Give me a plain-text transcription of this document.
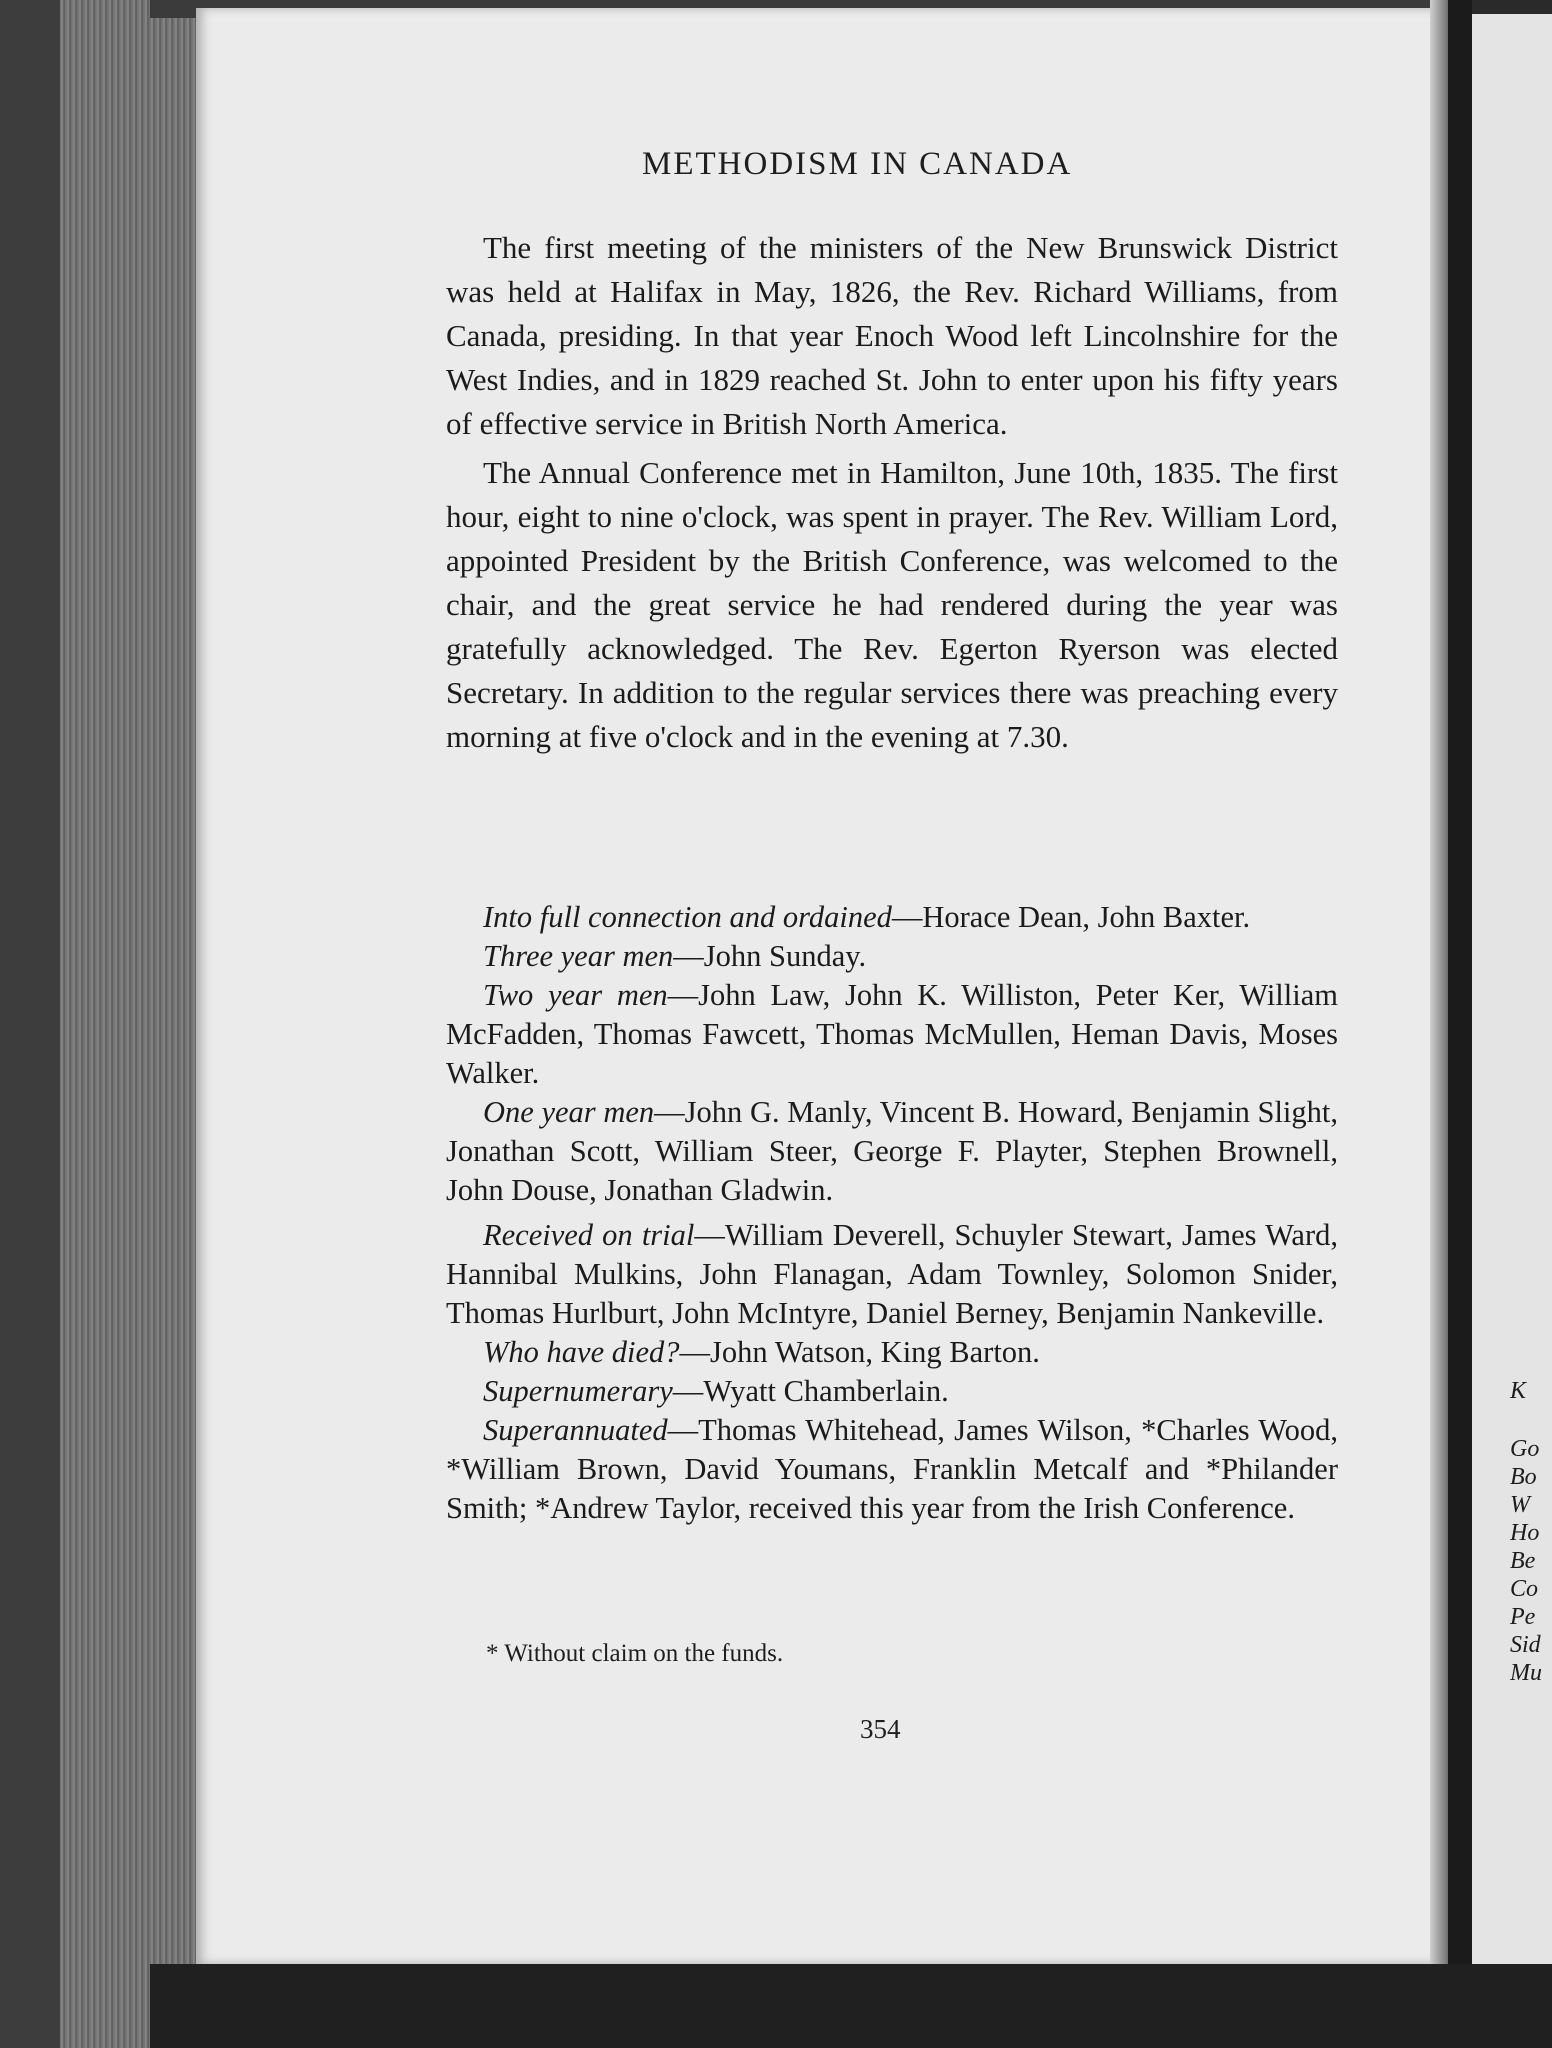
METHODISM IN CANADA

The first meeting of the ministers of the New Brunswick District was held at Halifax in May, 1826, the Rev. Richard Williams, from Canada, presiding. In that year Enoch Wood left Lincolnshire for the West Indies, and in 1829 reached St. John to enter upon his fifty years of effective service in British North America.

The Annual Conference met in Hamilton, June 10th, 1835. The first hour, eight to nine o'clock, was spent in prayer. The Rev. William Lord, appointed President by the British Conference, was welcomed to the chair, and the great service he had rendered during the year was gratefully acknowledged. The Rev. Egerton Ryerson was elected Secretary. In addition to the regular services there was preaching every morning at five o'clock and in the evening at 7.30.

Into full connection and ordained—Horace Dean, John Baxter.

Three year men—John Sunday.

Two year men—John Law, John K. Williston, Peter Ker, William McFadden, Thomas Fawcett, Thomas McMullen, Heman Davis, Moses Walker.

One year men—John G. Manly, Vincent B. Howard, Benjamin Slight, Jonathan Scott, William Steer, George F. Playter, Stephen Brownell, John Douse, Jonathan Gladwin.

Received on trial—William Deverell, Schuyler Stewart, James Ward, Hannibal Mulkins, John Flanagan, Adam Townley, Solomon Snider, Thomas Hurlburt, John McIntyre, Daniel Berney, Benjamin Nankeville.

Who have died?—John Watson, King Barton.

Supernumerary—Wyatt Chamberlain.

Superannuated—Thomas Whitehead, James Wilson, *Charles Wood, *William Brown, David Youmans, Franklin Metcalf and *Philander Smith; *Andrew Taylor, received this year from the Irish Conference.

* Without claim on the funds.
354
K
Go
Bo
W
Ho
Be
Co
Pe
Sid
Mu
